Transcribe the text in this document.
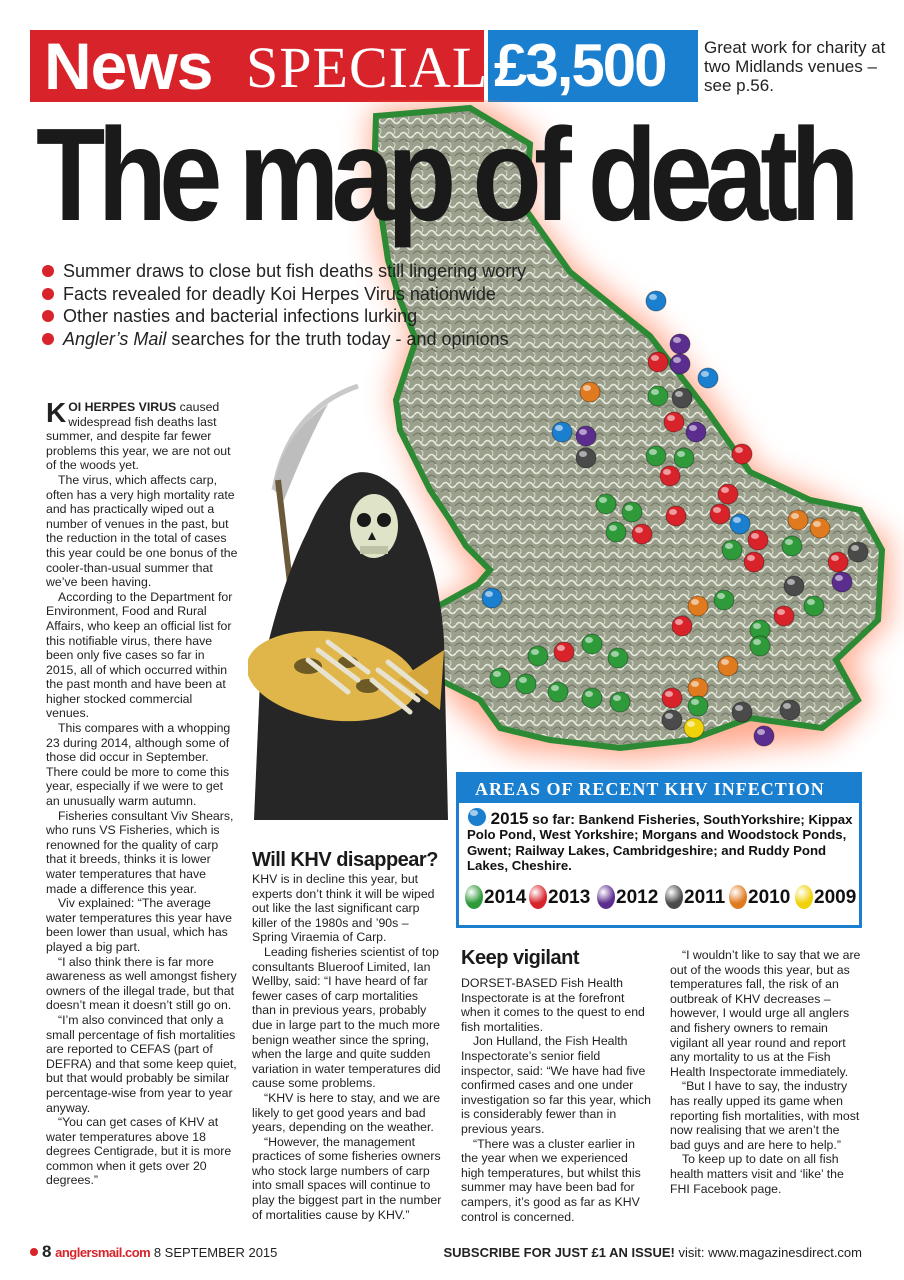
News SPECIAL £3,500 Great work for charity at two Midlands venues – see p.56.
The map of death
Summer draws to close but fish deaths still lingering worry
Facts revealed for deadly Koi Herpes Virus nationwide
Other nasties and bacterial infections lurking
Angler’s Mail searches for the truth today - and opinions

KOI HERPES VIRUS caused widespread fish deaths last summer, and despite far fewer problems this year, we are not out of the woods yet.

The virus, which affects carp, often has a very high mortality rate and has practically wiped out a number of venues in the past, but the reduction in the total of cases this year could be one bonus of the cooler-than-usual summer that we’ve been having.

According to the Department for Environment, Food and Rural Affairs, who keep an official list for this notifiable virus, there have been only five cases so far in 2015, all of which occurred within the past month and have been at higher stocked commercial venues.

This compares with a whopping 23 during 2014, although some of those did occur in September. There could be more to come this year, especially if we were to get an unusually warm autumn.

Fisheries consultant Viv Shears, who runs VS Fisheries, which is renowned for the quality of carp that it breeds, thinks it is lower water temperatures that have made a difference this year.

Viv explained: “The average water temperatures this year have been lower than usual, which has played a big part.

“I also think there is far more awareness as well amongst fishery owners of the illegal trade, but that doesn’t mean it doesn’t still go on.

“I’m also convinced that only a small percentage of fish mortalities are reported to CEFAS (part of DEFRA) and that some keep quiet, but that would probably be similar percentage-wise from year to year anyway.

“You can get cases of KHV at water temperatures above 18 degrees Centigrade, but it is more common when it gets over 20 degrees.”

Will KHV disappear?

KHV is in decline this year, but experts don’t think it will be wiped out like the last significant carp killer of the 1980s and ’90s – Spring Viraemia of Carp.

Leading fisheries scientist of top consultants Blueroof Limited, Ian Wellby, said: “I have heard of far fewer cases of carp mortalities than in previous years, probably due in large part to the much more benign weather since the spring, when the large and quite sudden variation in water temperatures did cause some problems.

“KHV is here to stay, and we are likely to get good years and bad years, depending on the weather.

“However, the management practices of some fisheries owners who stock large numbers of carp into small spaces will continue to play the biggest part in the number of mortalities cause by KHV.”

AREAS OF RECENT KHV INFECTION
2015 so far: Bankend Fisheries, SouthYorkshire; Kippax Polo Pond, West Yorkshire; Morgans and Woodstock Ponds, Gwent; Railway Lakes, Cambridgeshire; and Ruddy Pond Lakes, Cheshire.
2014	2013	2012	2011	2010	2009
Keep vigilant

DORSET-BASED Fish Health Inspectorate is at the forefront when it comes to the quest to end fish mortalities.

Jon Hulland, the Fish Health Inspectorate’s senior field inspector, said: “We have had five confirmed cases and one under investigation so far this year, which is considerably fewer than in previous years.

“There was a cluster earlier in the year when we experienced high temperatures, but whilst this summer may have been bad for campers, it’s good as far as KHV control is concerned.

“I wouldn’t like to say that we are out of the woods this year, but as temperatures fall, the risk of an outbreak of KHV decreases – however, I would urge all anglers and fishery owners to remain vigilant all year round and report any mortality to us at the Fish Health Inspectorate immediately.

“But I have to say, the industry has really upped its game when reporting fish mortalities, with most now realising that we aren’t the bad guys and are here to help.”

To keep up to date on all fish health matters visit and ‘like’ the FHI Facebook page.

8 anglersmail.com 8 SEPTEMBER 2015	SUBSCRIBE FOR JUST £1 AN ISSUE! visit: www.magazinesdirect.com
